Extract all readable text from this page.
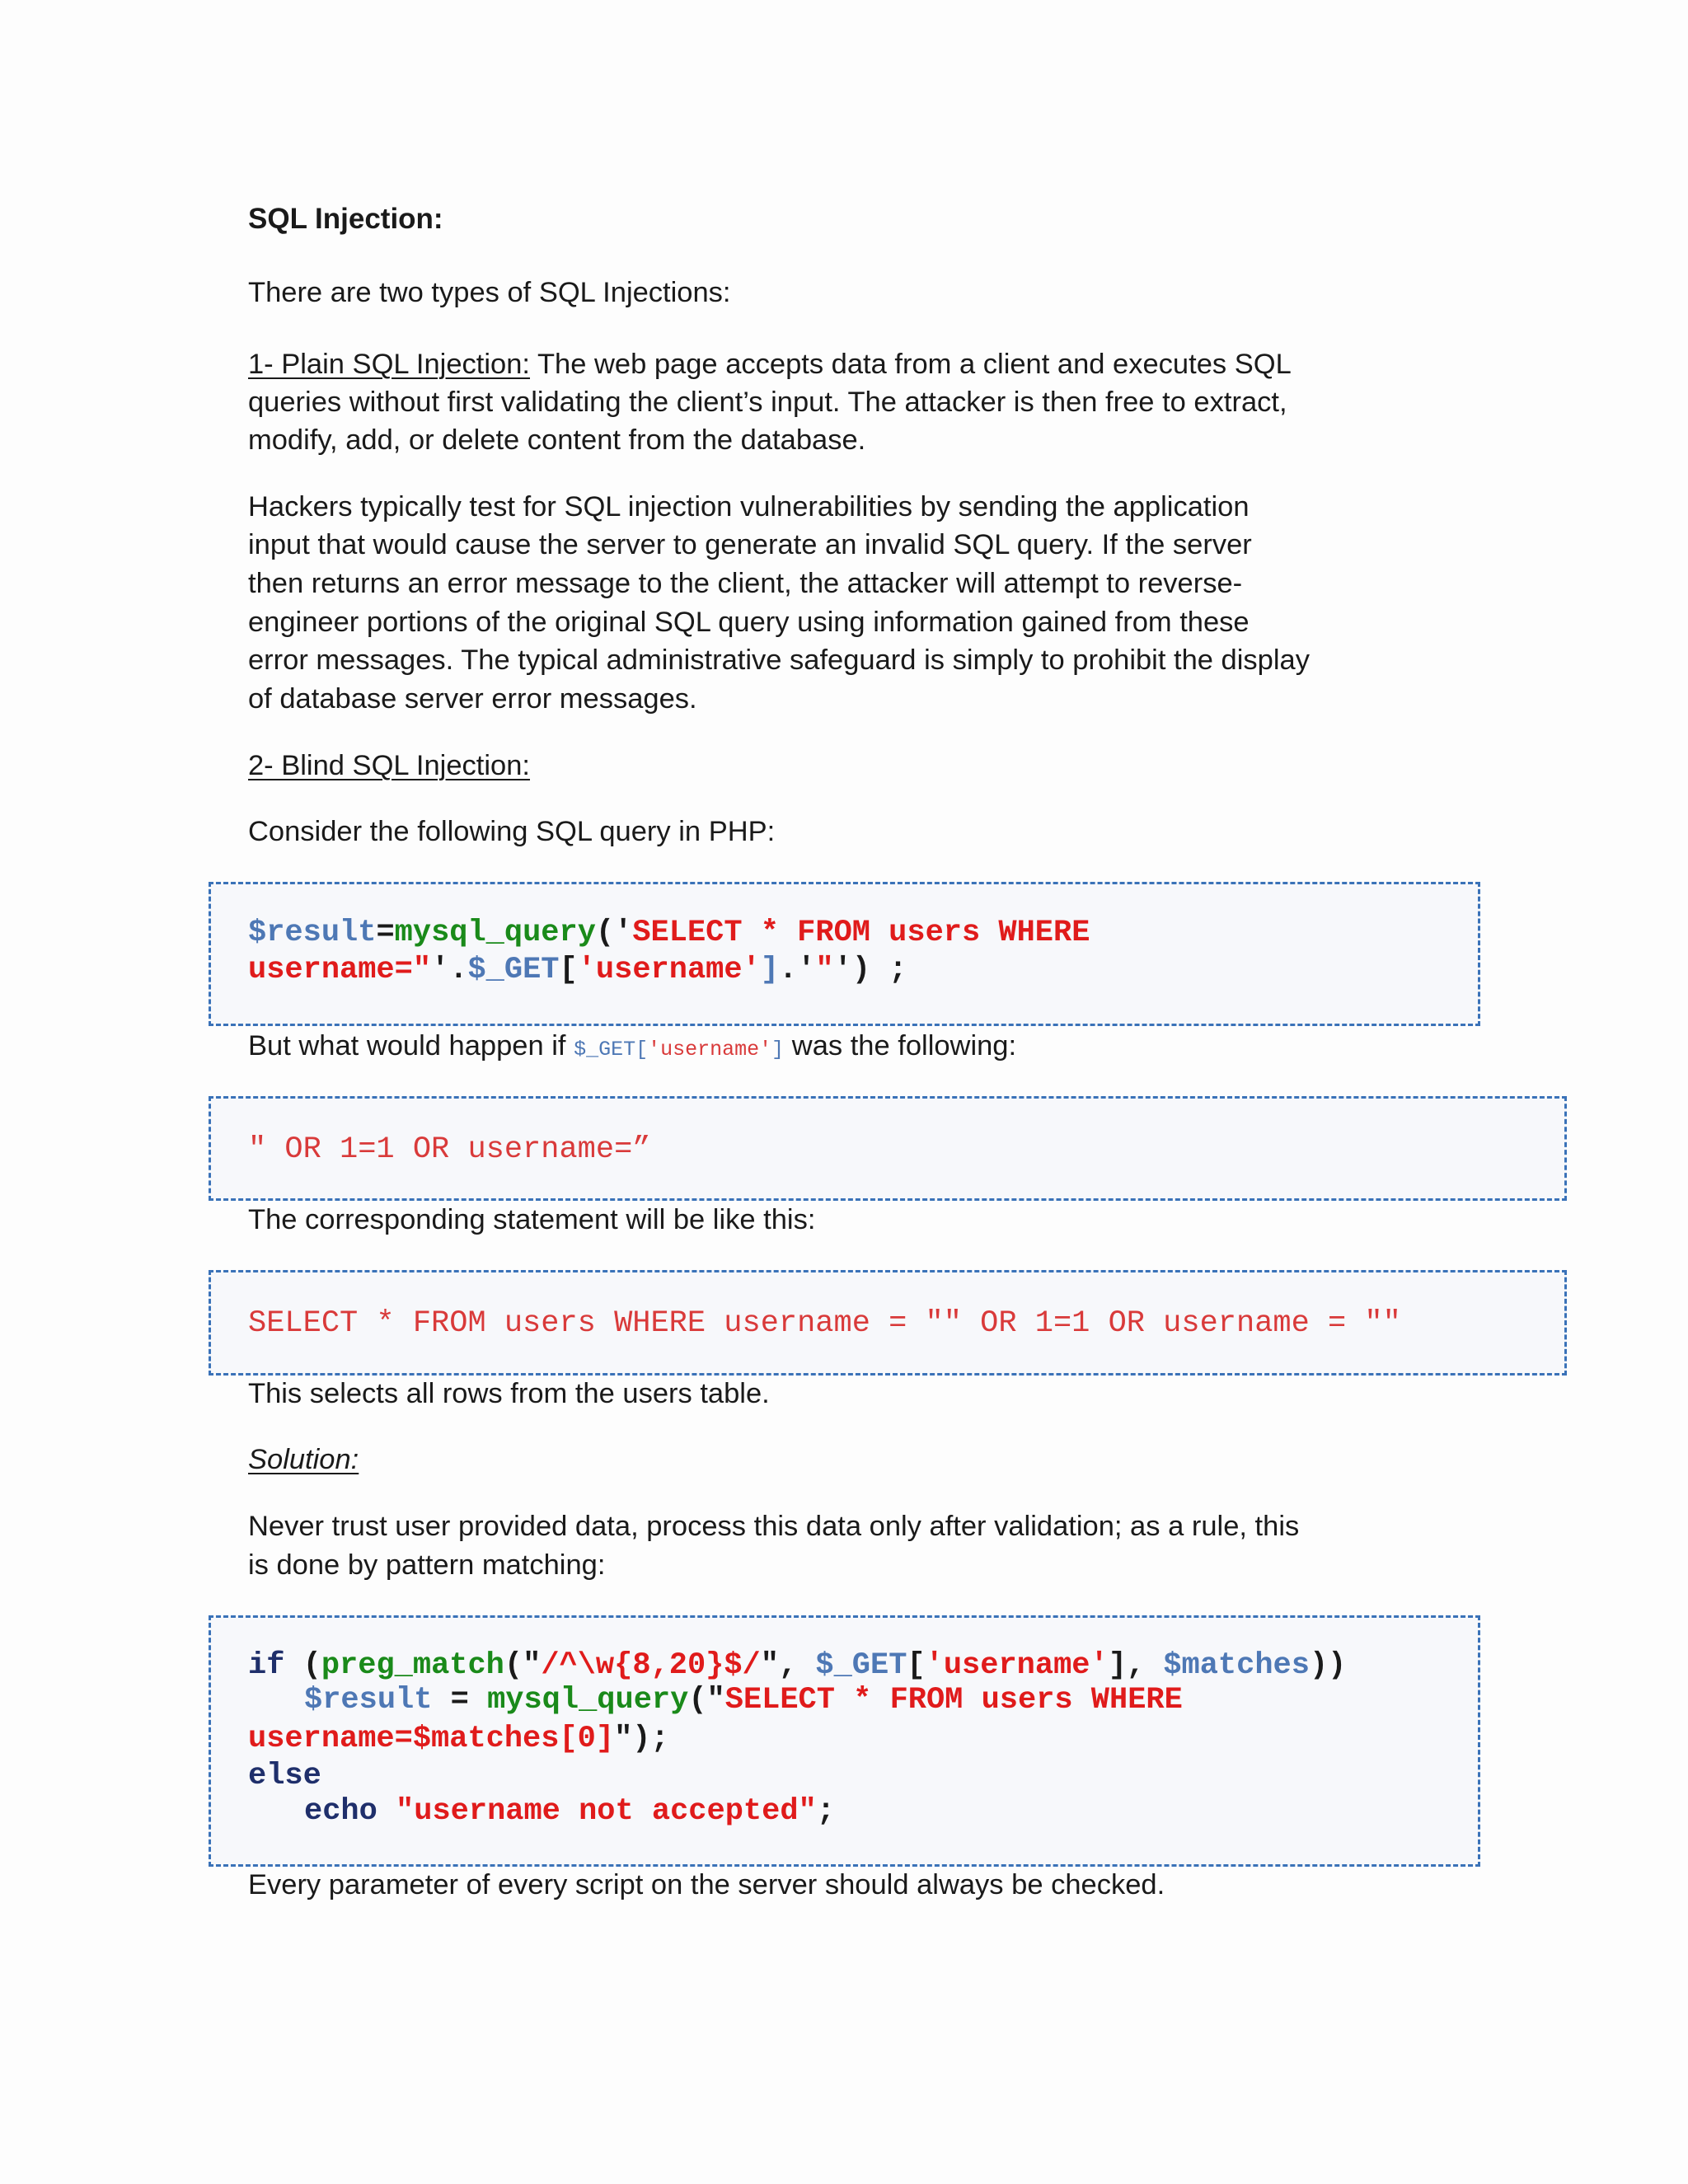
SQL Injection:
There are two types of SQL Injections:
1- Plain SQL Injection: The web page accepts data from a client and executes SQL
queries without first validating the client’s input. The attacker is then free to extract,
modify, add, or delete content from the database.
Hackers typically test for SQL injection vulnerabilities by sending the application
input that would cause the server to generate an invalid SQL query. If the server
then returns an error message to the client, the attacker will attempt to reverse-
engineer portions of the original SQL query using information gained from these
error messages. The typical administrative safeguard is simply to prohibit the display
of database server error messages.
2- Blind SQL Injection:
Consider the following SQL query in PHP:
$result=mysql_query('SELECT * FROM users WHERE
username="'.$_GET['username'].'"') ;
But what would happen if $_GET['username'] was the following:
" OR 1=1 OR username=”
The corresponding statement will be like this:
SELECT * FROM users WHERE username = "" OR 1=1 OR username = ""
This selects all rows from the users table.
Solution:
Never trust user provided data, process this data only after validation; as a rule, this
is done by pattern matching:
if (preg_match("/^\w{8,20}$/", $_GET['username'], $matches))
$result = mysql_query("SELECT * FROM users WHERE
username=$matches[0]");
else
echo "username not accepted";
Every parameter of every script on the server should always be checked.
